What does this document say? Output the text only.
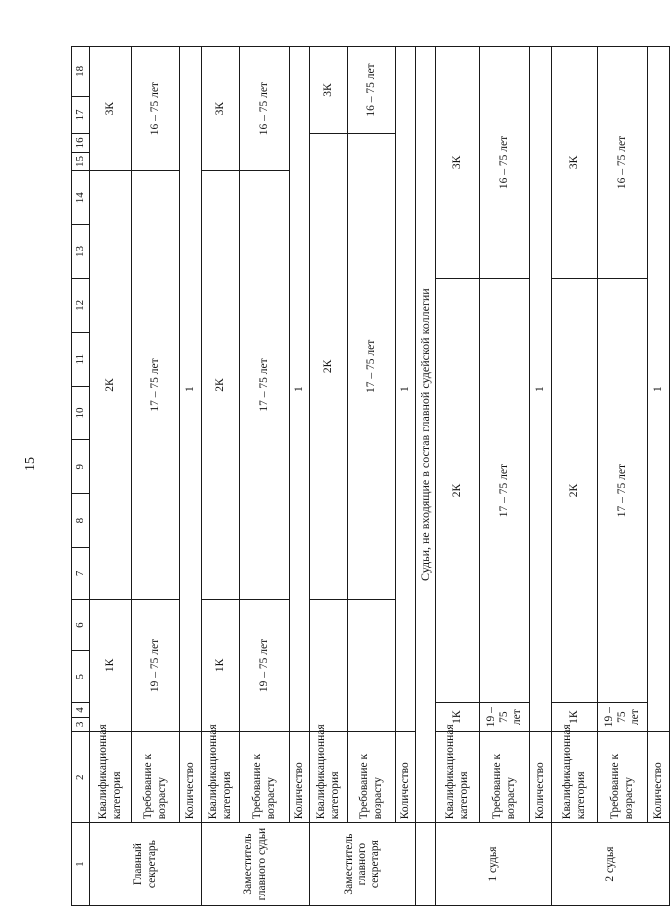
15
1	2	3	4	5	6	7	8	9	10	11	12	13	14	15	16	17	18
Главный секретарь	Квалификационная категория	1К				2К								3К			
	Требование к возрасту	19 – 75 лет				17 – 75 лет								16 – 75 лет			
	Количество	1															
Заместитель главного судьи	Квалификационная категория	1К				2К								3К			
	Требование к возрасту	19 – 75 лет				17 – 75 лет								16 – 75 лет			
	Количество	1															
Заместитель главного секретаря	Квалификационная категория					2К										3К	
	Требование к возрасту					17 – 75 лет										16 – 75 лет	
	Количество	1															
	Судьи, не входящие в состав главной судейской коллегии																
1 судья	Квалификационная категория	1К		2К								3К					
	Требование к возрасту	19 – 75 лет		17 – 75 лет								16 – 75 лет					
	Количество	1															
2 судья	Квалификационная категория	1К		2К								3К					
	Требование к возрасту	19 – 75 лет		17 – 75 лет								16 – 75 лет					
	Количество	1															
